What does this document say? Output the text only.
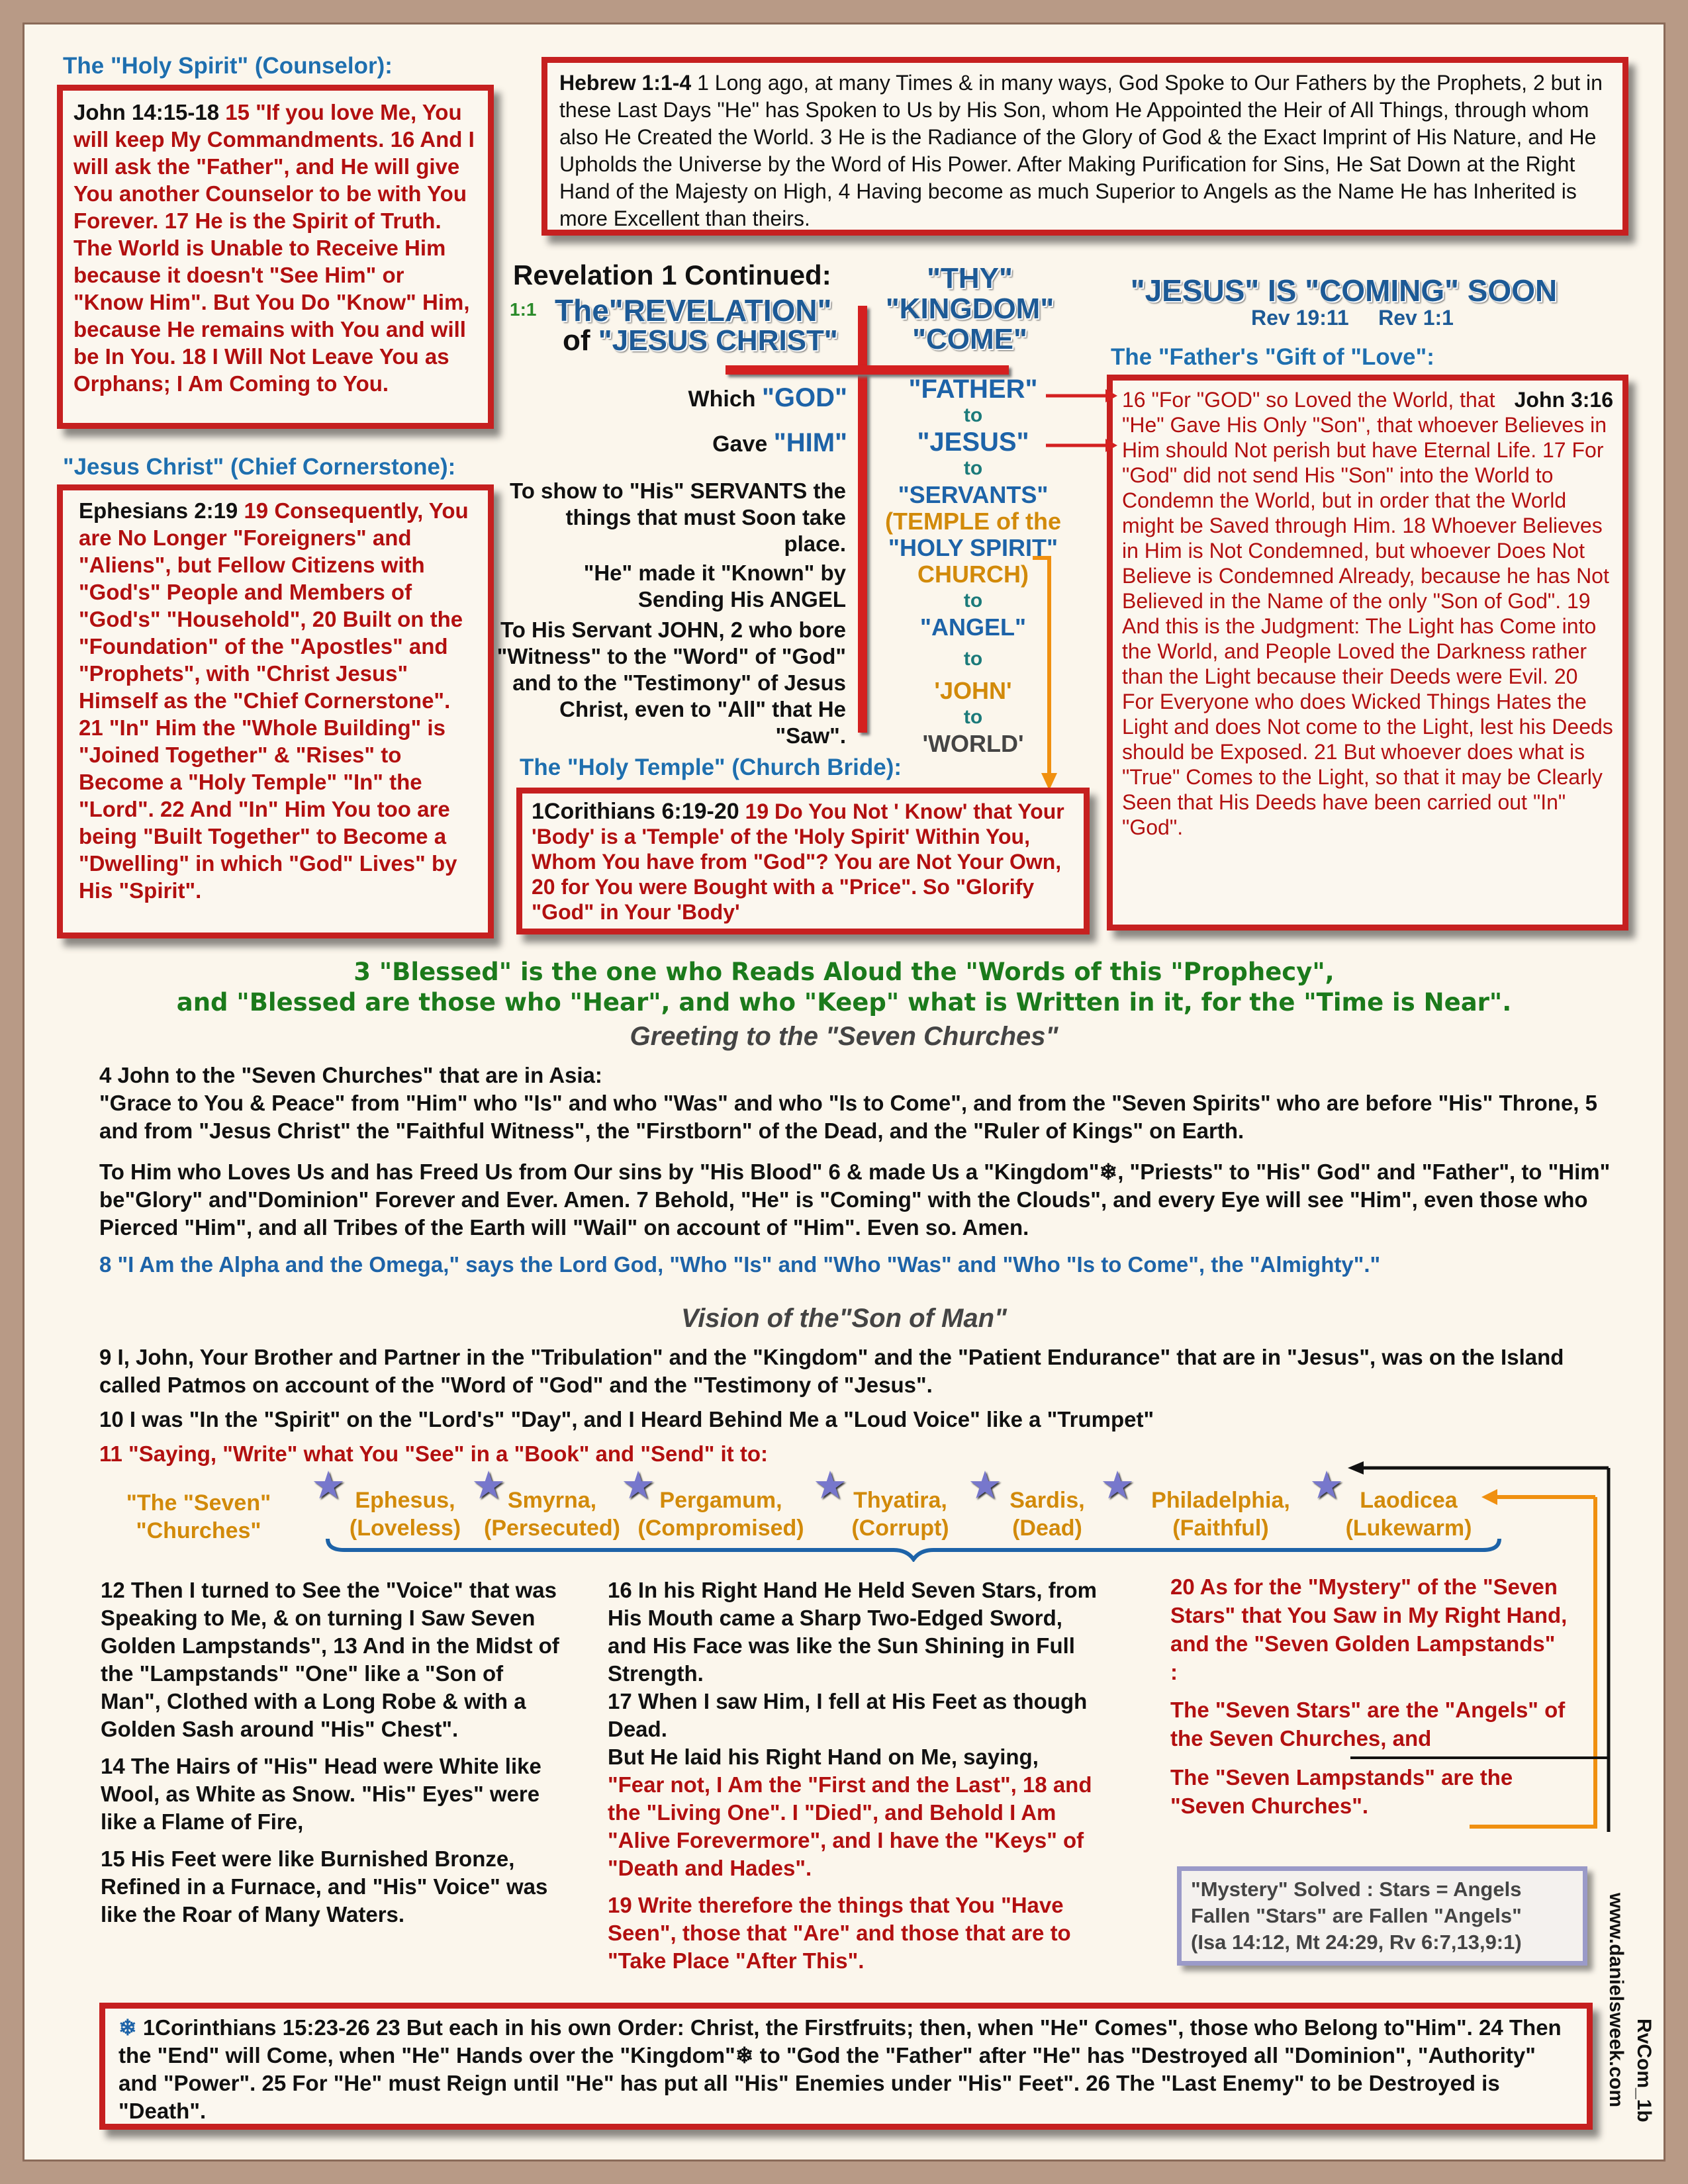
The "Holy Spirit" (Counselor):
John 14:15-18 15 "If you love Me, You will keep My Commandments. 16 And I will ask the "Father", and He will give You another Counselor to be with You Forever. 17 He is the Spirit of Truth. The World is Unable to Receive Him because it doesn't "See Him" or "Know Him". But You Do "Know" Him, because He remains with You and will be In You. 18 I Will Not Leave You as Orphans; I Am Coming to You.
Hebrew 1:1-4 1 Long ago, at many Times & in many ways, God Spoke to Our Fathers by the Prophets, 2 but in these Last Days "He" has Spoken to Us by His Son, whom He Appointed the Heir of All Things, through whom also He Created the World. 3 He is the Radiance of the Glory of God & the Exact Imprint of His Nature, and He Upholds the Universe by the Word of His Power. After Making Purification for Sins, He Sat Down at the Right Hand of the Majesty on High, 4 Having become as much Superior to Angels as the Name He has Inherited is more Excellent than theirs.
Revelation 1 Continued:
1:1 The"REVELATION"
of "JESUS CHRIST"
"THY"
"KINGDOM"
"COME"
"FATHER"
to
"JESUS"
to
"SERVANTS"
(TEMPLE of the
"HOLY SPIRIT"
CHURCH)
to
"ANGEL"
to
'JOHN'
to
'WORLD'
Which "GOD"
Gave "HIM"
To show to "His" SERVANTS the things that must Soon take place.
"He" made it "Known" by Sending His ANGEL
To His Servant JOHN, 2 who bore "Witness" to the "Word" of "God" and to the "Testimony" of Jesus Christ, even to "All" that He "Saw".
"JESUS" IS "COMING" SOON
Rev 19:11 Rev 1:1
The "Father's "Gift of "Love":
John 3:16
16 "For "GOD" so Loved the World, that "He" Gave His Only "Son", that whoever Believes in Him should Not perish but have Eternal Life. 17 For "God" did not send His "Son" into the World to Condemn the World, but in order that the World might be Saved through Him. 18 Whoever Believes in Him is Not Condemned, but whoever Does Not Believe is Condemned Already, because he has Not Believed in the Name of the only "Son of God". 19 And this is the Judgment: The Light has Come into the World, and People Loved the Darkness rather than the Light because their Deeds were Evil. 20 For Everyone who does Wicked Things Hates the Light and does Not come to the Light, lest his Deeds should be Exposed. 21 But whoever does what is "True" Comes to the Light, so that it may be Clearly Seen that His Deeds have been carried out "In" "God".
"Jesus Christ" (Chief Cornerstone):
Ephesians 2:19 19 Consequently, You are No Longer "Foreigners" and "Aliens", but Fellow Citizens with "God's" People and Members of "God's" "Household", 20 Built on the "Foundation" of the "Apostles" and "Prophets", with "Christ Jesus" Himself as the "Chief Cornerstone". 21 "In" Him the "Whole Building" is "Joined Together" & "Rises" to Become a "Holy Temple" "In" the "Lord". 22 And "In" Him You too are being "Built Together" to Become a "Dwelling" in which "God" Lives" by His "Spirit".
The "Holy Temple" (Church Bride):
1Corithians 6:19-20 19 Do You Not ' Know' that Your 'Body' is a 'Temple' of the 'Holy Spirit' Within You, Whom You have from "God"? You are Not Your Own, 20 for You were Bought with a "Price". So "Glorify "God" in Your 'Body'
3 "Blessed" is the one who Reads Aloud the "Words of this "Prophecy",
and "Blessed are those who "Hear", and who "Keep" what is Written in it, for the "Time is Near".
Greeting to the "Seven Churches"
4 John to the "Seven Churches" that are in Asia:
"Grace to You & Peace" from "Him" who "Is" and who "Was" and who "Is to Come", and from the "Seven Spirits" who are before "His" Throne, 5 and from "Jesus Christ" the "Faithful Witness", the "Firstborn" of the Dead, and the "Ruler of Kings" on Earth.
To Him who Loves Us and has Freed Us from Our sins by "His Blood" 6 & made Us a "Kingdom"❄, "Priests" to "His" God" and "Father", to "Him" be"Glory" and"Dominion" Forever and Ever. Amen. 7 Behold, "He" is "Coming" with the Clouds", and every Eye will see "Him", even those who Pierced "Him", and all Tribes of the Earth will "Wail" on account of "Him". Even so. Amen.
8 "I Am the Alpha and the Omega," says the Lord God, "Who "Is" and "Who "Was" and "Who "Is to Come", the "Almighty"."
Vision of the"Son of Man"
9 I, John, Your Brother and Partner in the "Tribulation" and the "Kingdom" and the "Patient Endurance" that are in "Jesus", was on the Island called Patmos on account of the "Word of "God" and the "Testimony of "Jesus".
10 I was "In the "Spirit" on the "Lord's" "Day", and I Heard Behind Me a "Loud Voice" like a "Trumpet"
11 "Saying, "Write" what You "See" in a "Book" and "Send" it to:
"The "Seven"
"Churches"
★ Ephesus,
(Loveless)
★ Smyrna,
(Persecuted)
★ Pergamum,
(Compromised)
★ Thyatira,
(Corrupt)
★ Sardis,
(Dead)
★ Philadelphia,
(Faithful)
★ Laodicea
(Lukewarm)
12 Then I turned to See the "Voice" that was Speaking to Me, & on turning I Saw Seven Golden Lampstands", 13 And in the Midst of the "Lampstands" "One" like a "Son of Man", Clothed with a Long Robe & with a Golden Sash around "His" Chest".
14 The Hairs of "His" Head were White like Wool, as White as Snow. "His" Eyes" were like a Flame of Fire,
15 His Feet were like Burnished Bronze, Refined in a Furnace, and "His" Voice" was like the Roar of Many Waters.
16 In his Right Hand He Held Seven Stars, from His Mouth came a Sharp Two-Edged Sword, and His Face was like the Sun Shining in Full Strength.
17 When I saw Him, I fell at His Feet as though Dead.
But He laid his Right Hand on Me, saying,
"Fear not, I Am the "First and the Last", 18 and the "Living One". I "Died", and Behold I Am "Alive Forevermore", and I have the "Keys" of "Death and Hades".
19 Write therefore the things that You "Have Seen", those that "Are" and those that are to "Take Place "After This".
20 As for the "Mystery" of the "Seven Stars" that You Saw in My Right Hand, and the "Seven Golden Lampstands" :
The "Seven Stars" are the "Angels" of the Seven Churches, and
The "Seven Lampstands" are the "Seven Churches".
"Mystery" Solved : Stars = Angels
Fallen "Stars" are Fallen "Angels"
(Isa 14:12, Mt 24:29, Rv 6:7,13,9:1)
❄ 1Corinthians 15:23-26 23 But each in his own Order: Christ, the Firstfruits; then, when "He" Comes", those who Belong to"Him". 24 Then the "End" will Come, when "He" Hands over the "Kingdom"❄ to "God the "Father" after "He" has "Destroyed all "Dominion", "Authority" and "Power". 25 For "He" must Reign until "He" has put all "His" Enemies under "His" Feet". 26 The "Last Enemy" to be Destroyed is "Death".
www.danielsweek.com RvCom_1b
